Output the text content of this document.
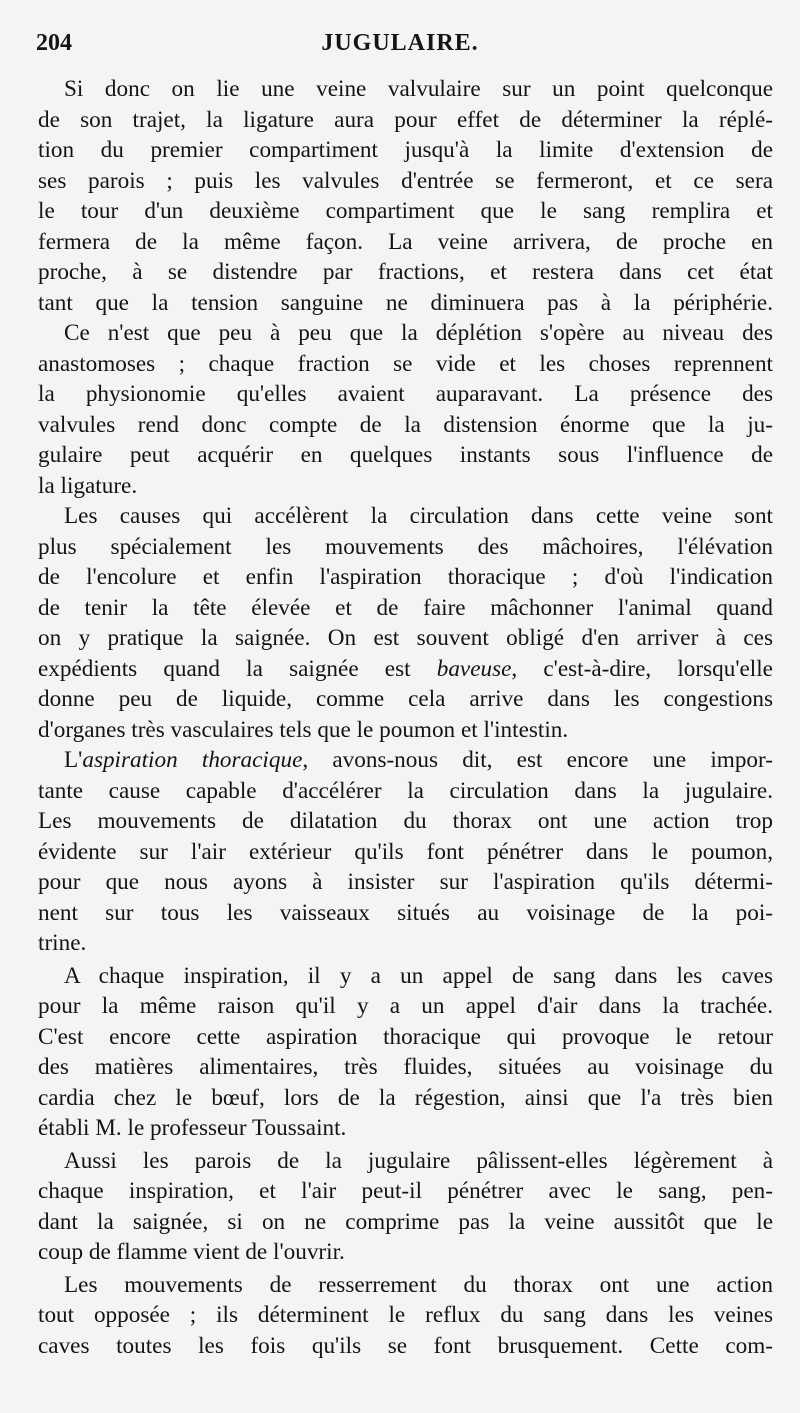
204	JUGULAIRE.
Si donc on lie une veine valvulaire sur un point quelconque
de son trajet, la ligature aura pour effet de déterminer la réplé-
tion du premier compartiment jusqu'à la limite d'extension de
ses parois ; puis les valvules d'entrée se fermeront, et ce sera
le tour d'un deuxième compartiment que le sang remplira et
fermera de la même façon. La veine arrivera, de proche en
proche, à se distendre par fractions, et restera dans cet état
tant que la tension sanguine ne diminuera pas à la périphérie.
Ce n'est que peu à peu que la déplétion s'opère au niveau des
anastomoses ; chaque fraction se vide et les choses reprennent
la physionomie qu'elles avaient auparavant. La présence des
valvules rend donc compte de la distension énorme que la ju-
gulaire peut acquérir en quelques instants sous l'influence de
la ligature.
Les causes qui accélèrent la circulation dans cette veine sont
plus spécialement les mouvements des mâchoires, l'élévation
de l'encolure et enfin l'aspiration thoracique ; d'où l'indication
de tenir la tête élevée et de faire mâchonner l'animal quand
on y pratique la saignée. On est souvent obligé d'en arriver à ces
expédients quand la saignée est baveuse, c'est-à-dire, lorsqu'elle
donne peu de liquide, comme cela arrive dans les congestions
d'organes très vasculaires tels que le poumon et l'intestin.
L'aspiration thoracique, avons-nous dit, est encore une impor-
tante cause capable d'accélérer la circulation dans la jugulaire.
Les mouvements de dilatation du thorax ont une action trop
évidente sur l'air extérieur qu'ils font pénétrer dans le poumon,
pour que nous ayons à insister sur l'aspiration qu'ils détermi-
nent sur tous les vaisseaux situés au voisinage de la poi-
trine.
A chaque inspiration, il y a un appel de sang dans les caves
pour la même raison qu'il y a un appel d'air dans la trachée.
C'est encore cette aspiration thoracique qui provoque le retour
des matières alimentaires, très fluides, situées au voisinage du
cardia chez le bœuf, lors de la régestion, ainsi que l'a très bien
établi M. le professeur Toussaint.
Aussi les parois de la jugulaire pâlissent-elles légèrement à
chaque inspiration, et l'air peut-il pénétrer avec le sang, pen-
dant la saignée, si on ne comprime pas la veine aussitôt que le
coup de flamme vient de l'ouvrir.
Les mouvements de resserrement du thorax ont une action
tout opposée ; ils déterminent le reflux du sang dans les veines
caves toutes les fois qu'ils se font brusquement. Cette com-
